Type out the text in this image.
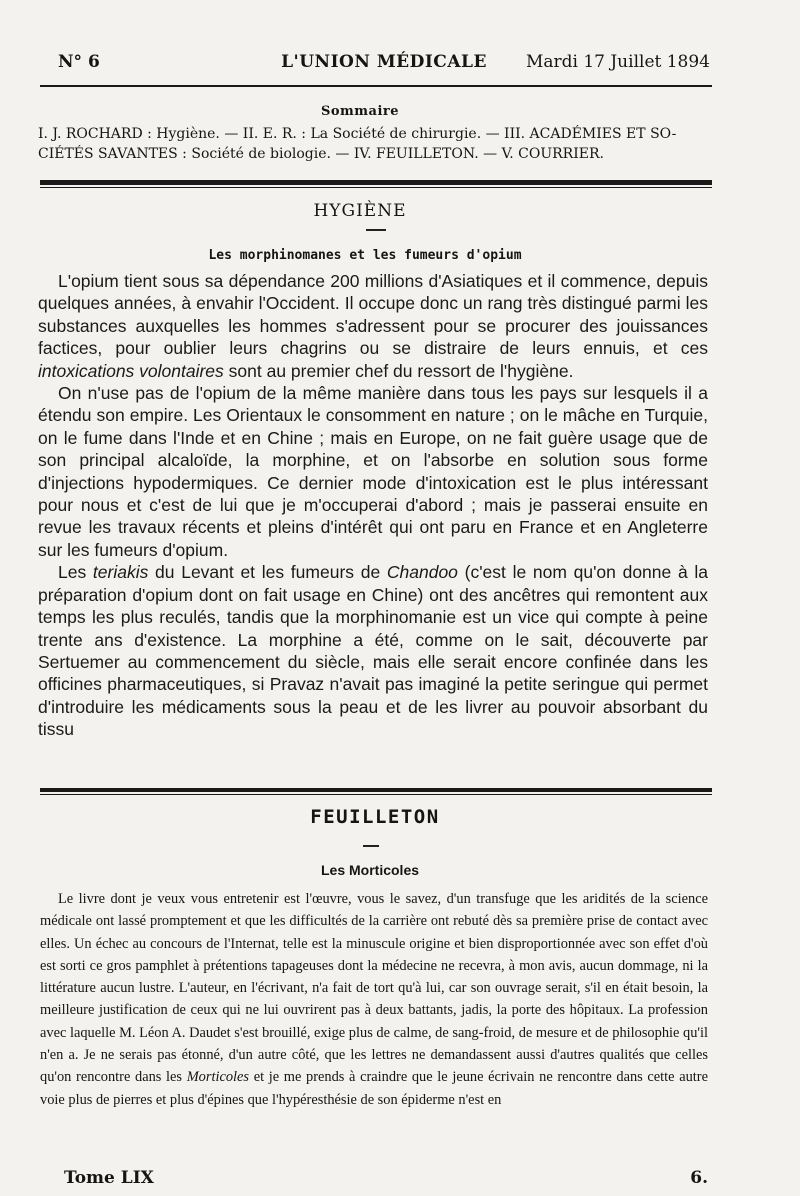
N° 6	L'UNION MÉDICALE	Mardi 17 Juillet 1894
Sommaire
I. J. ROCHARD : Hygiène. — II. E. R. : La Société de chirurgie. — III. ACADÉMIES ET SO-
CIÉTÉS SAVANTES : Société de biologie. — IV. FEUILLETON. — V. COURRIER.
HYGIÈNE
Les morphinomanes et les fumeurs d'opium

L'opium tient sous sa dépendance 200 millions d'Asiatiques et il commence, depuis quelques années, à envahir l'Occident. Il occupe donc un rang très distingué parmi les substances auxquelles les hommes s'adressent pour se procurer des jouissances factices, pour oublier leurs chagrins ou se distraire de leurs ennuis, et ces intoxications volontaires sont au premier chef du ressort de l'hygiène.

On n'use pas de l'opium de la même manière dans tous les pays sur lesquels il a étendu son empire. Les Orientaux le consomment en nature ; on le mâche en Turquie, on le fume dans l'Inde et en Chine ; mais en Europe, on ne fait guère usage que de son principal alcaloïde, la morphine, et on l'absorbe en solution sous forme d'injections hypodermiques. Ce dernier mode d'intoxication est le plus intéressant pour nous et c'est de lui que je m'occuperai d'abord ; mais je passerai ensuite en revue les travaux récents et pleins d'intérêt qui ont paru en France et en Angleterre sur les fumeurs d'opium.

Les teriakis du Levant et les fumeurs de Chandoo (c'est le nom qu'on donne à la préparation d'opium dont on fait usage en Chine) ont des ancêtres qui remontent aux temps les plus reculés, tandis que la morphinomanie est un vice qui compte à peine trente ans d'existence. La morphine a été, comme on le sait, découverte par Sertuemer au commencement du siècle, mais elle serait encore confinée dans les officines pharmaceutiques, si Pravaz n'avait pas imaginé la petite seringue qui permet d'introduire les médicaments sous la peau et de les livrer au pouvoir absorbant du tissu

FEUILLETON
Les Morticoles

Le livre dont je veux vous entretenir est l'œuvre, vous le savez, d'un transfuge que les aridités de la science médicale ont lassé promptement et que les difficultés de la carrière ont rebuté dès sa première prise de contact avec elles. Un échec au concours de l'Internat, telle est la minuscule origine et bien disproportionnée avec son effet d'où est sorti ce gros pamphlet à prétentions tapageuses dont la médecine ne recevra, à mon avis, aucun dommage, ni la littérature aucun lustre. L'auteur, en l'écrivant, n'a fait de tort qu'à lui, car son ouvrage serait, s'il en était besoin, la meilleure justification de ceux qui ne lui ouvrirent pas à deux battants, jadis, la porte des hôpitaux. La profession avec laquelle M. Léon A. Daudet s'est brouillé, exige plus de calme, de sang-froid, de mesure et de philosophie qu'il n'en a. Je ne serais pas étonné, d'un autre côté, que les lettres ne demandassent aussi d'autres qualités que celles qu'on rencontre dans les Morticoles et je me prends à craindre que le jeune écrivain ne rencontre dans cette autre voie plus de pierres et plus d'épines que l'hypéresthésie de son épiderme n'est en

Tome LIX	6.
